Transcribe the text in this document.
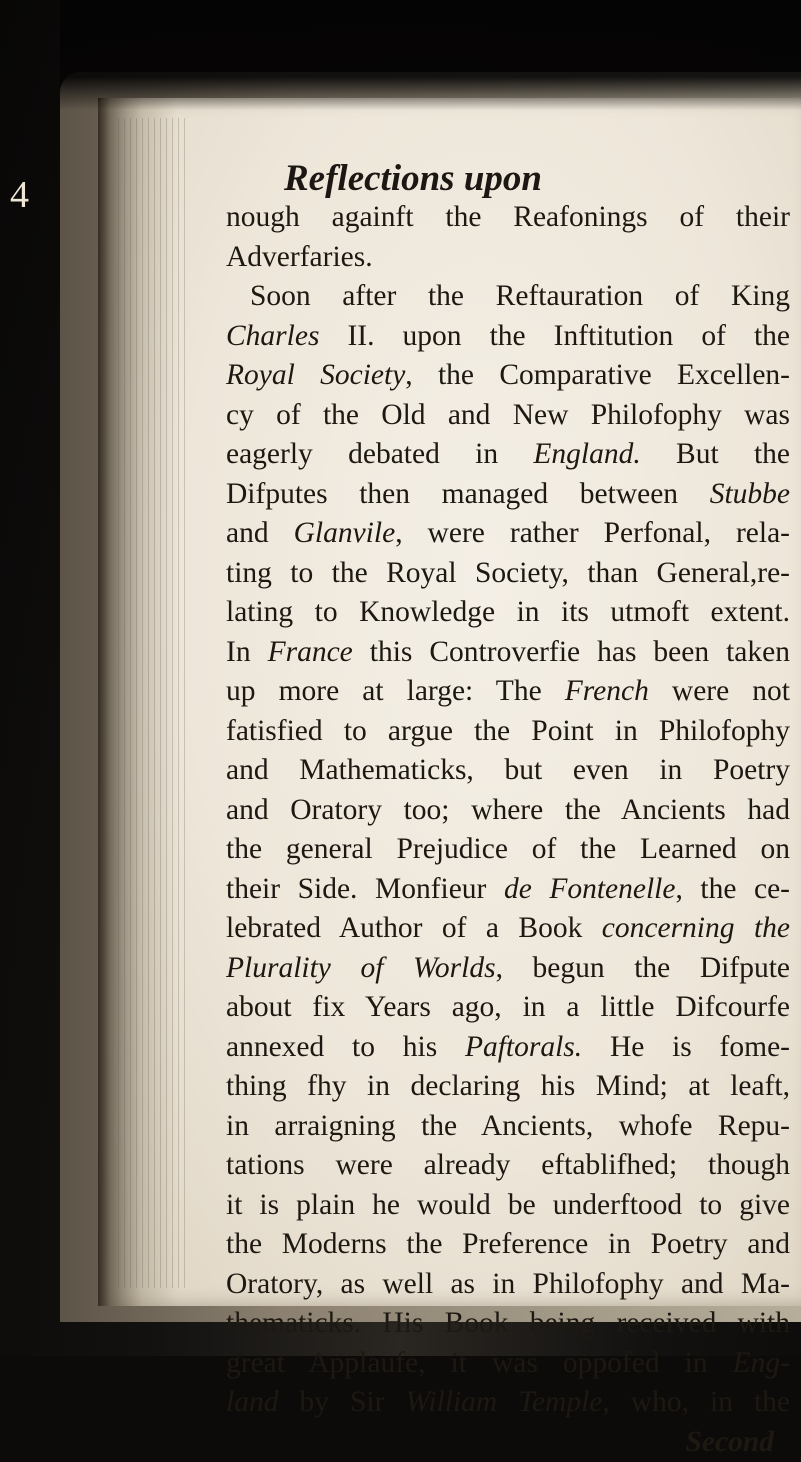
4	Reflections upon
nough againft the Reafonings of their
Adverfaries.
Soon after the Reftauration of King
Charles II. upon the Inftitution of the
Royal Society, the Comparative Excellen-
cy of the Old and New Philofophy was
eagerly debated in England. But the
Difputes then managed between Stubbe
and Glanvile, were rather Perfonal, rela-
ting to the Royal Society, than General,re-
lating to Knowledge in its utmoft extent.
In France this Controverfie has been taken
up more at large: The French were not
fatisfied to argue the Point in Philofophy
and Mathematicks, but even in Poetry
and Oratory too; where the Ancients had
the general Prejudice of the Learned on
their Side. Monfieur de Fontenelle, the ce-
lebrated Author of a Book concerning the
Plurality of Worlds, begun the Difpute
about fix Years ago, in a little Difcourfe
annexed to his Paftorals. He is fome-
thing fhy in declaring his Mind; at leaft,
in arraigning the Ancients, whofe Repu-
tations were already eftablifhed; though
it is plain he would be underftood to give
the Moderns the Preference in Poetry and
Oratory, as well as in Philofophy and Ma-
thematicks. His Book being received with
great Applaufe, it was oppofed in Eng-
land by Sir William Temple, who, in the
Second
